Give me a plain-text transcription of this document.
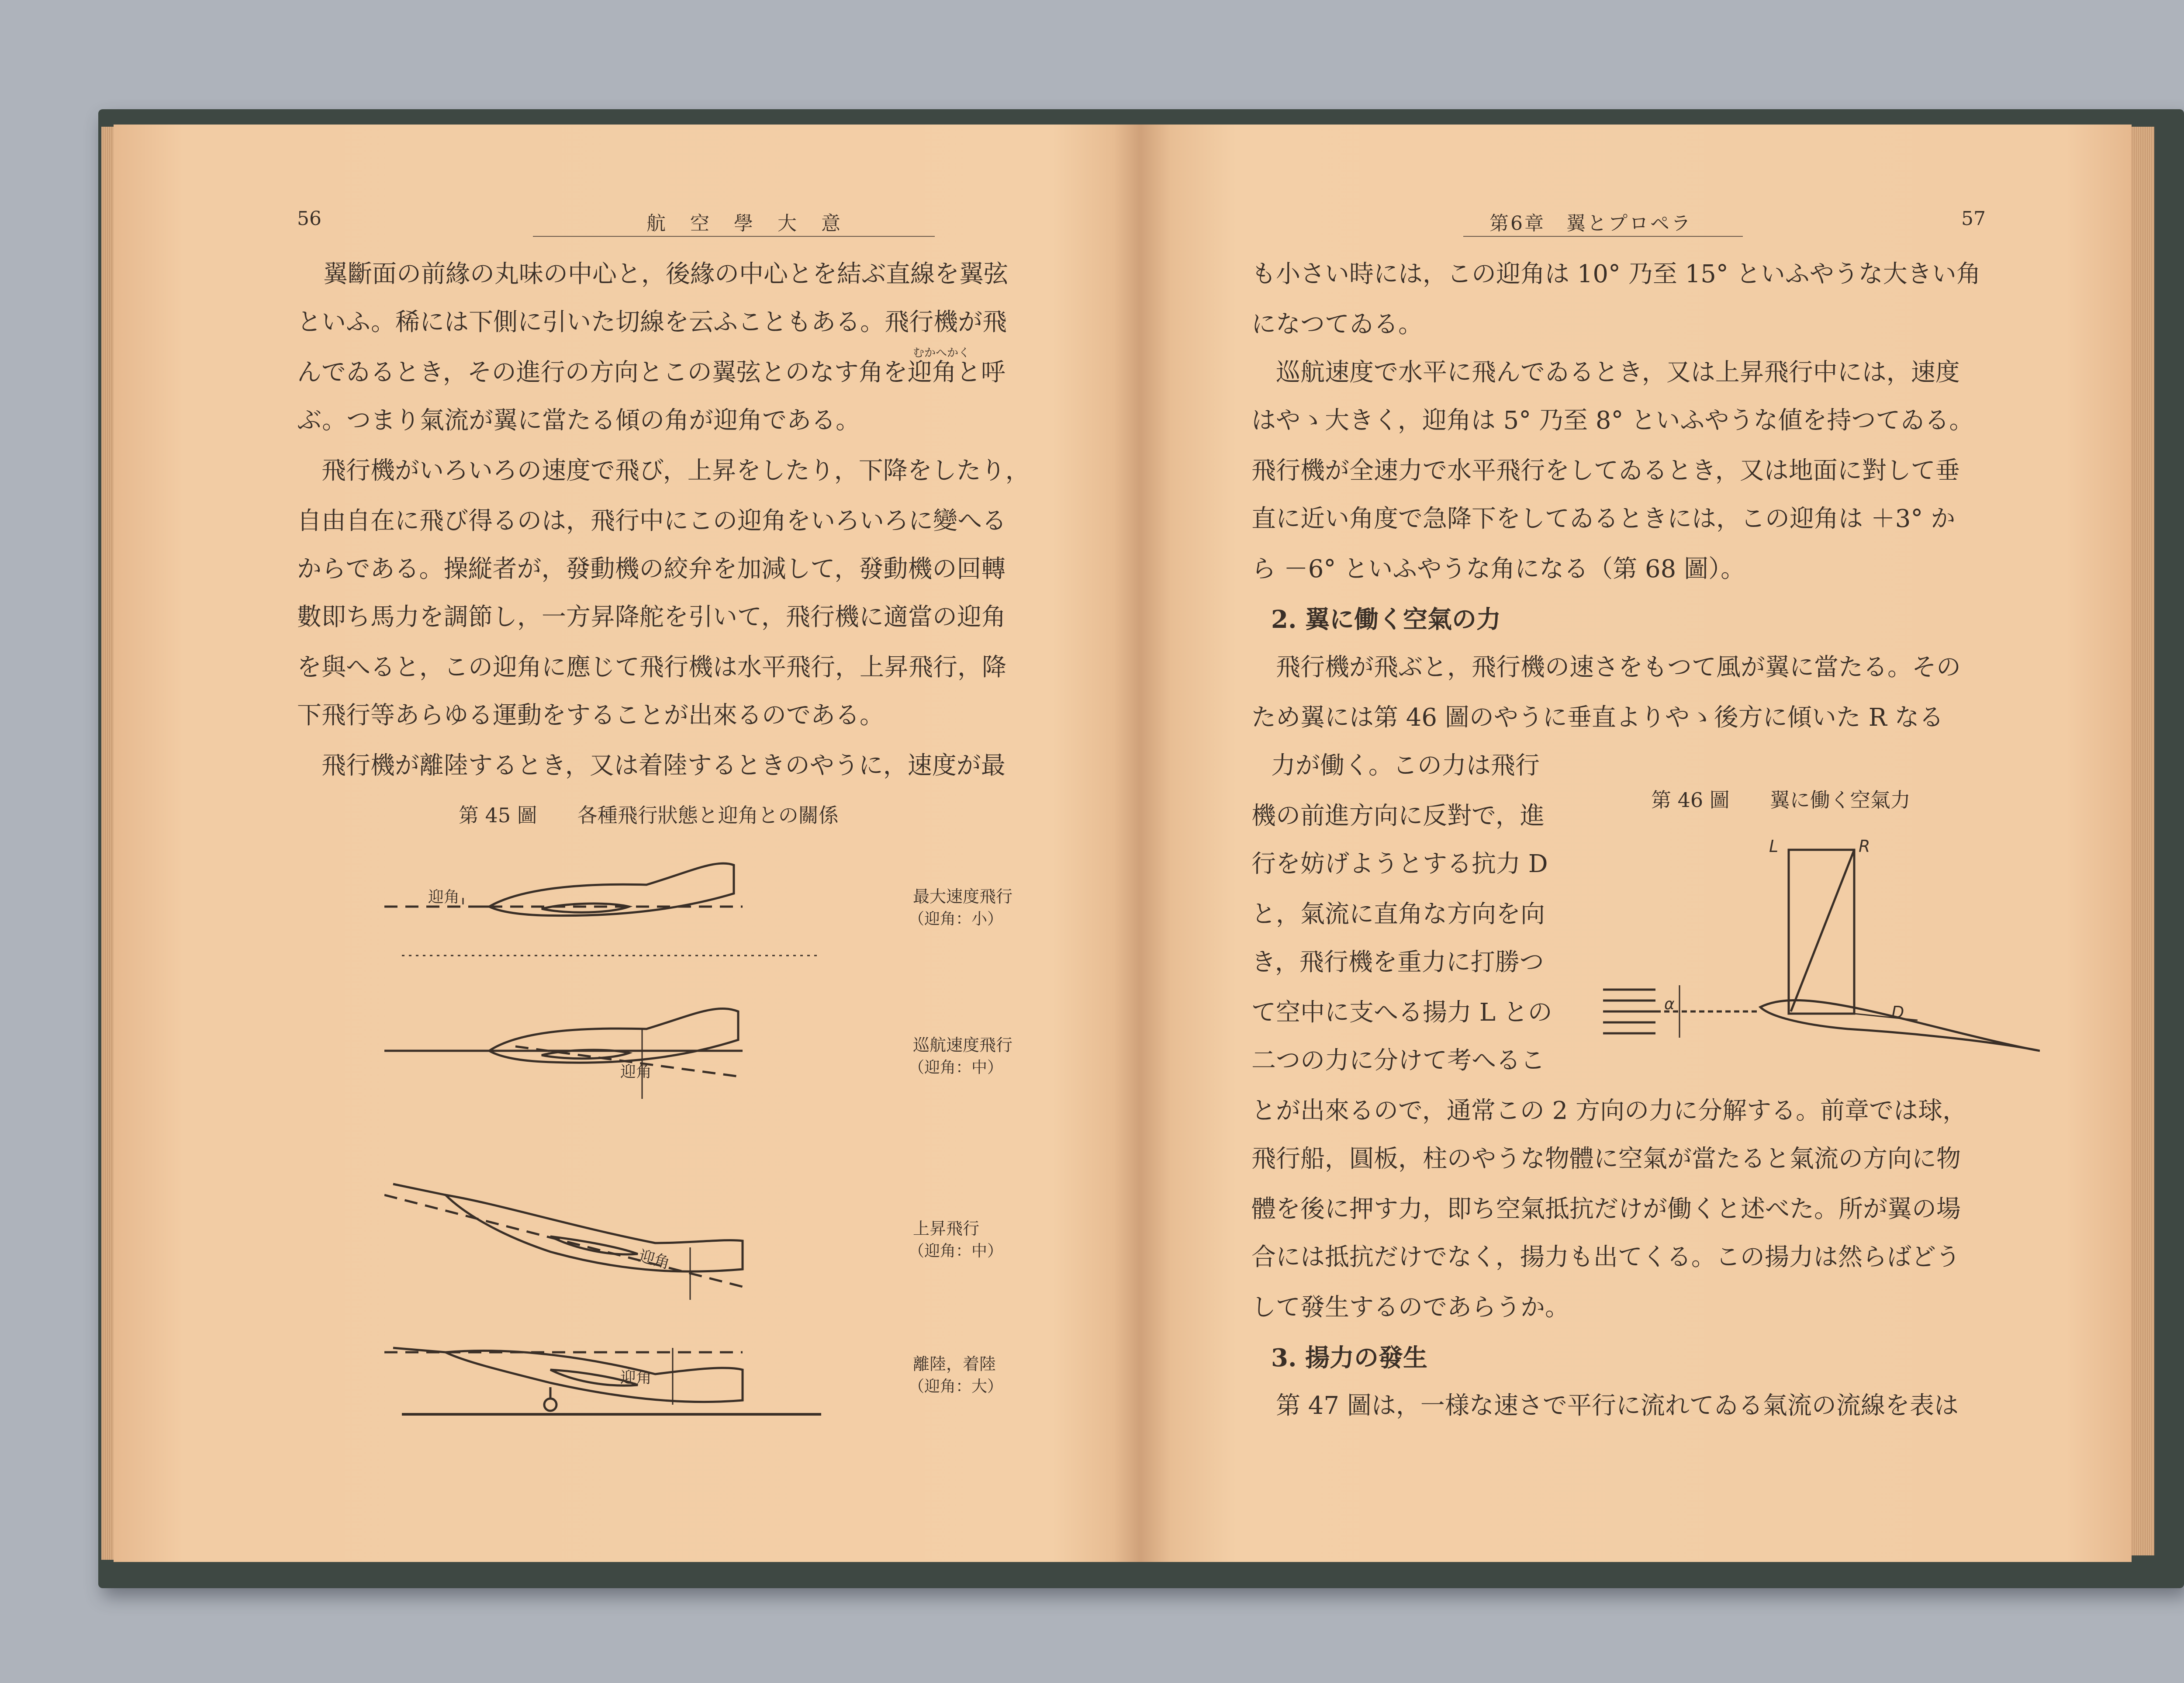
56	航　空　學　大　意
翼斷面の前緣の丸味の中心と，後緣の中心とを結ぶ直線を翼弦
といふ。稀には下側に引いた切線を云ふこともある。飛行機が飛
むかへかく
んでゐるとき，その進行の方向とこの翼弦とのなす角を迎角と呼
ぶ。つまり氣流が翼に當たる傾の角が迎角である。
　飛行機がいろいろの速度で飛び，上昇をしたり，下降をしたり，
自由自在に飛び得るのは，飛行中にこの迎角をいろいろに變へる
からである。操縦者が，發動機の絞弁を加減して，發動機の回轉
數即ち馬力を調節し，一方昇降舵を引いて，飛行機に適當の迎角
を與へると，この迎角に應じて飛行機は水平飛行，上昇飛行，降
下飛行等あらゆる運動をすることが出來るのである。
　飛行機が離陸するとき，又は着陸するときのやうに，速度が最
第 45 圖　　各種飛行狀態と迎角との關係
迎角	最大速度飛行
（迎角：小）
迎角
巡航速度飛行
（迎角：中）
迎角
上昇飛行
（迎角：中）
迎角
離陸，着陸
（迎角：大）
第6章　翼とプロペラ	57
も小さい時には，この迎角は 10° 乃至 15° といふやうな大きい角
になつてゐる。
　巡航速度で水平に飛んでゐるとき，又は上昇飛行中には，速度
はやゝ大きく，迎角は 5° 乃至 8° といふやうな値を持つてゐる。
飛行機が全速力で水平飛行をしてゐるとき，又は地面に對して垂
直に近い角度で急降下をしてゐるときには，この迎角は ＋3° か
ら －6° といふやうな角になる（第 68 圖）。
2. 翼に働く空氣の力
　飛行機が飛ぶと，飛行機の速さをもつて風が翼に當たる。その
ため翼には第 46 圖のやうに垂直よりやゝ後方に傾いた R なる
力が働く。この力は飛行
機の前進方向に反對で，進
行を妨げようとする抗力 D
と，氣流に直角な方向を向
き，飛行機を重力に打勝つ
て空中に支へる揚力 L との
二つの力に分けて考へるこ
とが出來るので，通常この 2 方向の力に分解する。前章では球，
飛行船，圓板，柱のやうな物體に空氣が當たると氣流の方向に物
體を後に押す力，即ち空氣抵抗だけが働くと述べた。所が翼の場
合には抵抗だけでなく，揚力も出てくる。この揚力は然らばどう
して發生するのであらうか。
3. 揚力の發生
　第 47 圖は，一様な速さで平行に流れてゐる氣流の流線を表は
第 46 圖　　翼に働く空氣力
L	R
D
α
